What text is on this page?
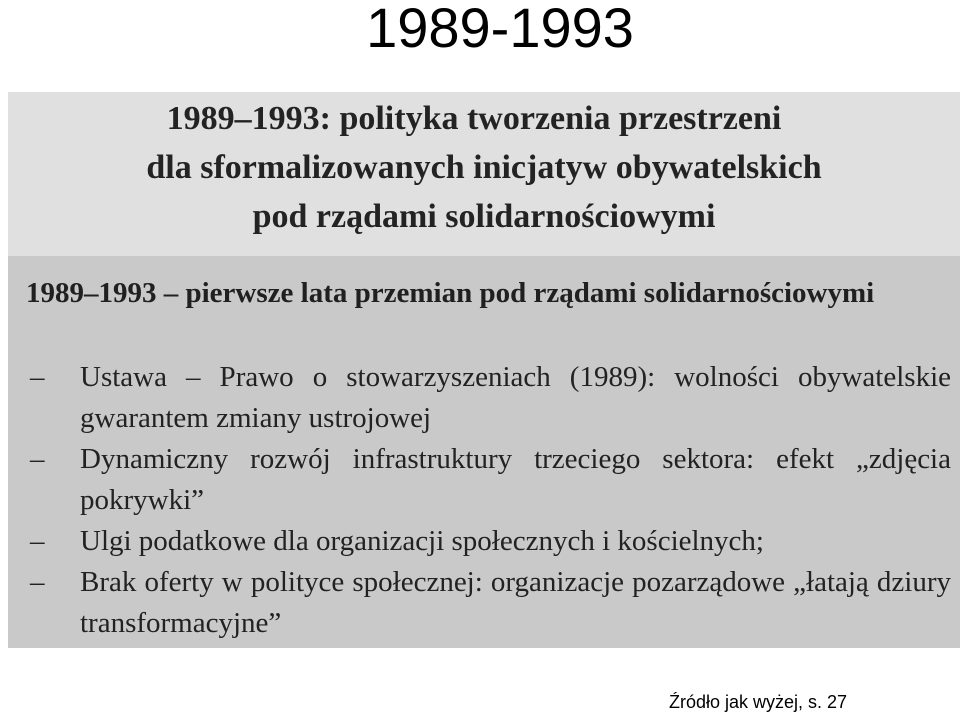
1989-1993
1989–1993: polityka tworzenia przestrzeni
dla sformalizowanych inicjatyw obywatelskich
pod rządami solidarnościowymi
1989–1993 – pierwsze lata przemian pod rządami solidarnościowymi
– Ustawa – Prawo o stowarzyszeniach (1989): wolności obywatelskie gwarantem zmiany ustrojowej
– Dynamiczny rozwój infrastruktury trzeciego sektora: efekt „zdjęcia pokrywki”
– Ulgi podatkowe dla organizacji społecznych i kościelnych;
– Brak oferty w polityce społecznej: organizacje pozarządowe „łatają dziury transformacyjne”
Źródło jak wyżej, s. 27
